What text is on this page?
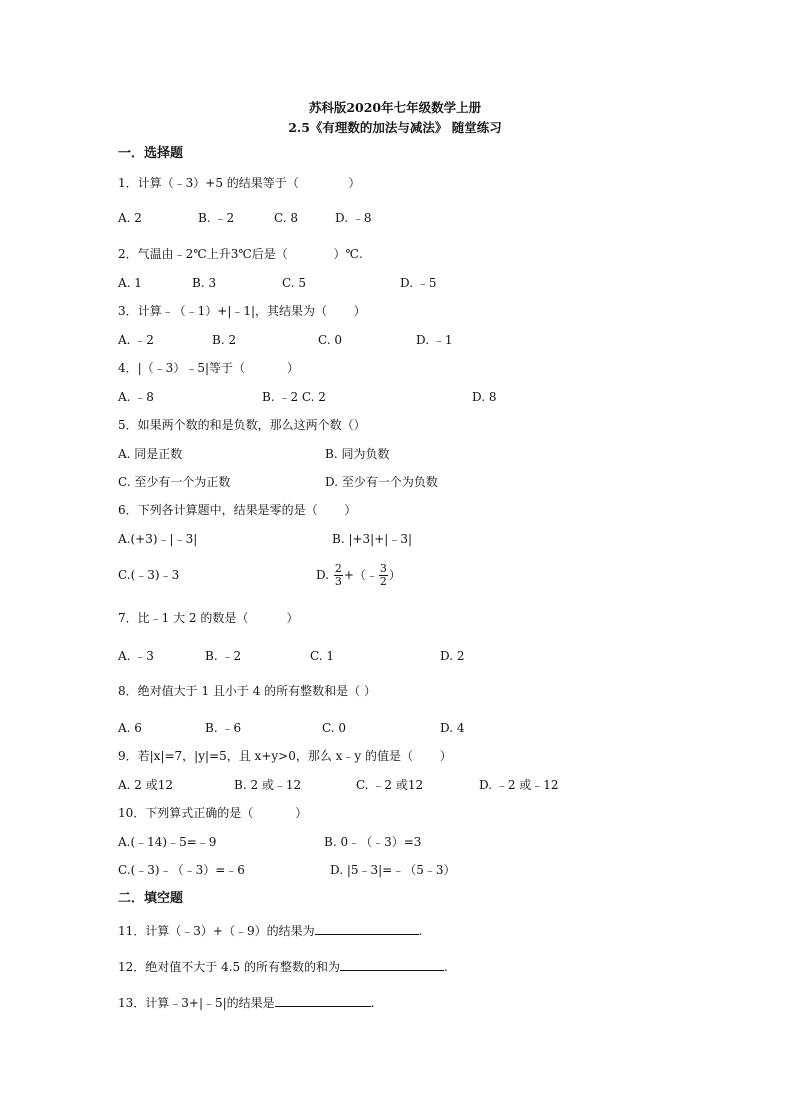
苏科版2020年七年级数学上册
2.5《有理数的加法与减法》 随堂练习
一．选择题
1．计算（﹣3）+5 的结果等于（             ）
A. 2	B. ﹣2	C. 8	D. ﹣8
2．气温由﹣2℃上升3℃后是（            ）℃.
A. 1	B. 3	C. 5	D. ﹣5
3．计算﹣（﹣1）+|﹣1|，其结果为（       ）
A. ﹣2	B. 2	C. 0	D. ﹣1
4．|（﹣3）﹣5|等于（           ）
A. ﹣8	B. ﹣2 C. 2	D. 8
5．如果两个数的和是负数，那么这两个数（）
A. 同是正数	B. 同为负数
C. 至少有一个为正数	D. 至少有一个为负数
6．下列各计算题中，结果是零的是（       ）
A.(+3)﹣|﹣3|	B. |+3|+|﹣3|
C.(﹣3)﹣3	D. $\frac{2}{3}$ +（﹣ $\frac{3}{2}$ ）
7．比﹣1 大 2 的数是（          ）
A. ﹣3	B. ﹣2	C. 1	D. 2
8．绝对值大于 1 且小于 4 的所有整数和是（ ）
A. 6	B. ﹣6	C. 0	D. 4
9．若|x|=7，|y|=5，且 x+y>0，那么 x﹣y 的值是（       ）
A. 2 或12	B. 2 或﹣12	C. ﹣2 或12	D. ﹣2 或﹣12
10．下列算式正确的是（           ）
A.(﹣14)﹣5=﹣9	B. 0﹣（﹣3）=3
C.(﹣3)﹣（﹣3）=﹣6	D. |5﹣3|=﹣（5﹣3）
二．填空题
11．计算（﹣3）+（﹣9）的结果为	.
12．绝对值不大于 4.5 的所有整数的和为	.
13．计算﹣3+|﹣5|的结果是	.
